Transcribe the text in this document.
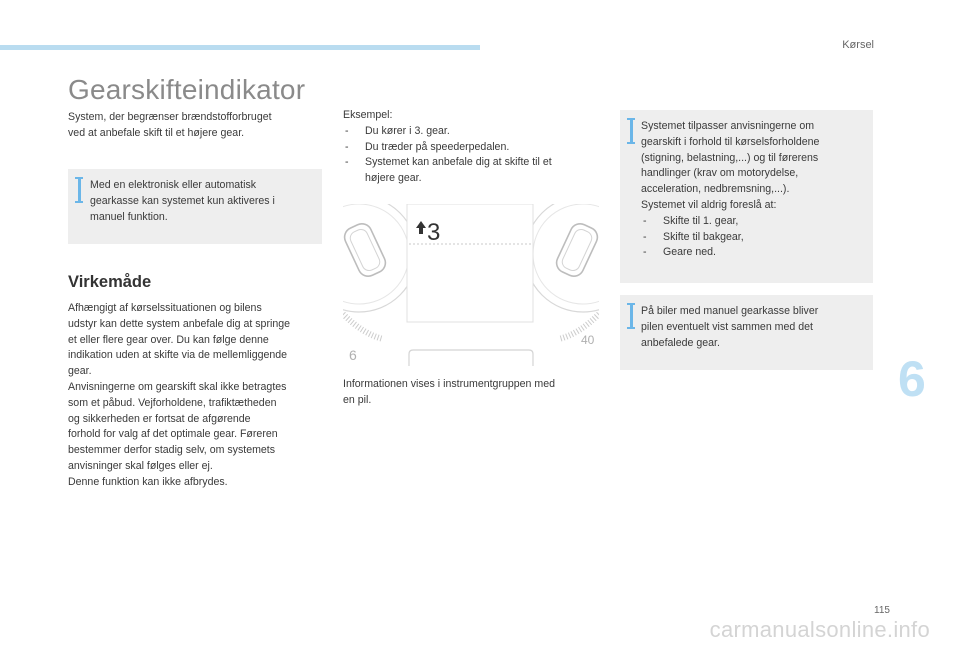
Kørsel
Gearskifteindikator
System, der begrænser brændstofforbruget
ved at anbefale skift til et højere gear.
Med en elektronisk eller automatisk
gearkasse kan systemet kun aktiveres i
manuel funktion.
Virkemåde
Afhængigt af kørselssituationen og bilens
udstyr kan dette system anbefale dig at springe
et eller flere gear over. Du kan følge denne
indikation uden at skifte via de mellemliggende
gear.
Anvisningerne om gearskift skal ikke betragtes
som et påbud. Vejforholdene, trafiktætheden
og sikkerheden er fortsat de afgørende
forhold for valg af det optimale gear. Føreren
bestemmer derfor stadig selv, om systemets
anvisninger skal følges eller ej.
Denne funktion kan ikke afbrydes.
Eksempel:
- Du kører i 3. gear.
- Du træder på speederpedalen.
- Systemet kan anbefale dig at skifte til et
højere gear.
3
6
40
Informationen vises i instrumentgruppen med
en pil.
Systemet tilpasser anvisningerne om
gearskift i forhold til kørselsforholdene
(stigning, belastning,...) og til førerens
handlinger (krav om motorydelse,
acceleration, nedbremsning,...).
Systemet vil aldrig foreslå at:
- Skifte til 1. gear,
- Skifte til bakgear,
- Geare ned.
På biler med manuel gearkasse bliver
pilen eventuelt vist sammen med det
anbefalede gear.
6
115
carmanualsonline.info
